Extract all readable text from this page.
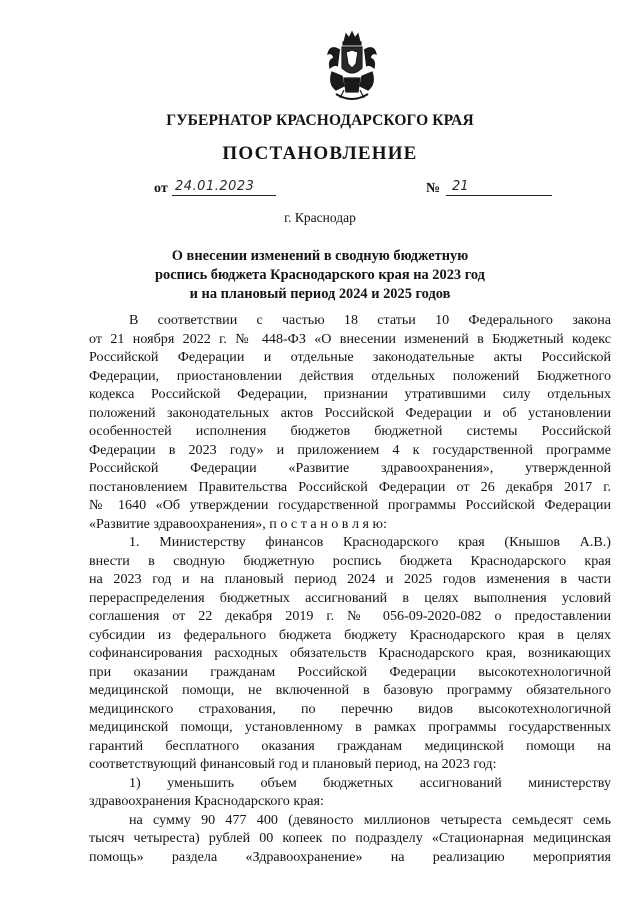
ГУБЕРНАТОР КРАСНОДАРСКОГО КРАЯ
ПОСТАНОВЛЕНИЕ
от 24.01.2023	№ 21
г. Краснодар
О внесении изменений в сводную бюджетную
роспись бюджета Краснодарского края на 2023 год
и на плановый период 2024 и 2025 годов
В соответствии с частью 18 статьи 10 Федерального закона
от 21 ноября 2022 г. № 448-ФЗ «О внесении изменений в Бюджетный кодекс
Российской Федерации и отдельные законодательные акты Российской
Федерации, приостановлении действия отдельных положений Бюджетного
кодекса Российской Федерации, признании утратившими силу отдельных
положений законодательных актов Российской Федерации и об установлении
особенностей исполнения бюджетов бюджетной системы Российской
Федерации в 2023 году» и приложением 4 к государственной программе
Российской Федерации «Развитие здравоохранения», утвержденной
постановлением Правительства Российской Федерации от 26 декабря 2017 г.
№ 1640 «Об утверждении государственной программы Российской Федерации
«Развитие здравоохранения», п о с т а н о в л я ю:
1. Министерству финансов Краснодарского края (Кнышов А.В.)
внести в сводную бюджетную роспись бюджета Краснодарского края
на 2023 год и на плановый период 2024 и 2025 годов изменения в части
перераспределения бюджетных ассигнований в целях выполнения условий
соглашения от 22 декабря 2019 г. № 056-09-2020-082 о предоставлении
субсидии из федерального бюджета бюджету Краснодарского края в целях
софинансирования расходных обязательств Краснодарского края, возникающих
при оказании гражданам Российской Федерации высокотехнологичной
медицинской помощи, не включенной в базовую программу обязательного
медицинского страхования, по перечню видов высокотехнологичной
медицинской помощи, установленному в рамках программы государственных
гарантий бесплатного оказания гражданам медицинской помощи на
соответствующий финансовый год и плановый период, на 2023 год:
1) уменьшить объем бюджетных ассигнований министерству
здравоохранения Краснодарского края:
на сумму 90 477 400 (девяносто миллионов четыреста семьдесят семь
тысяч четыреста) рублей 00 копеек по подразделу «Стационарная медицинская
помощь» раздела «Здравоохранение» на реализацию мероприятия
